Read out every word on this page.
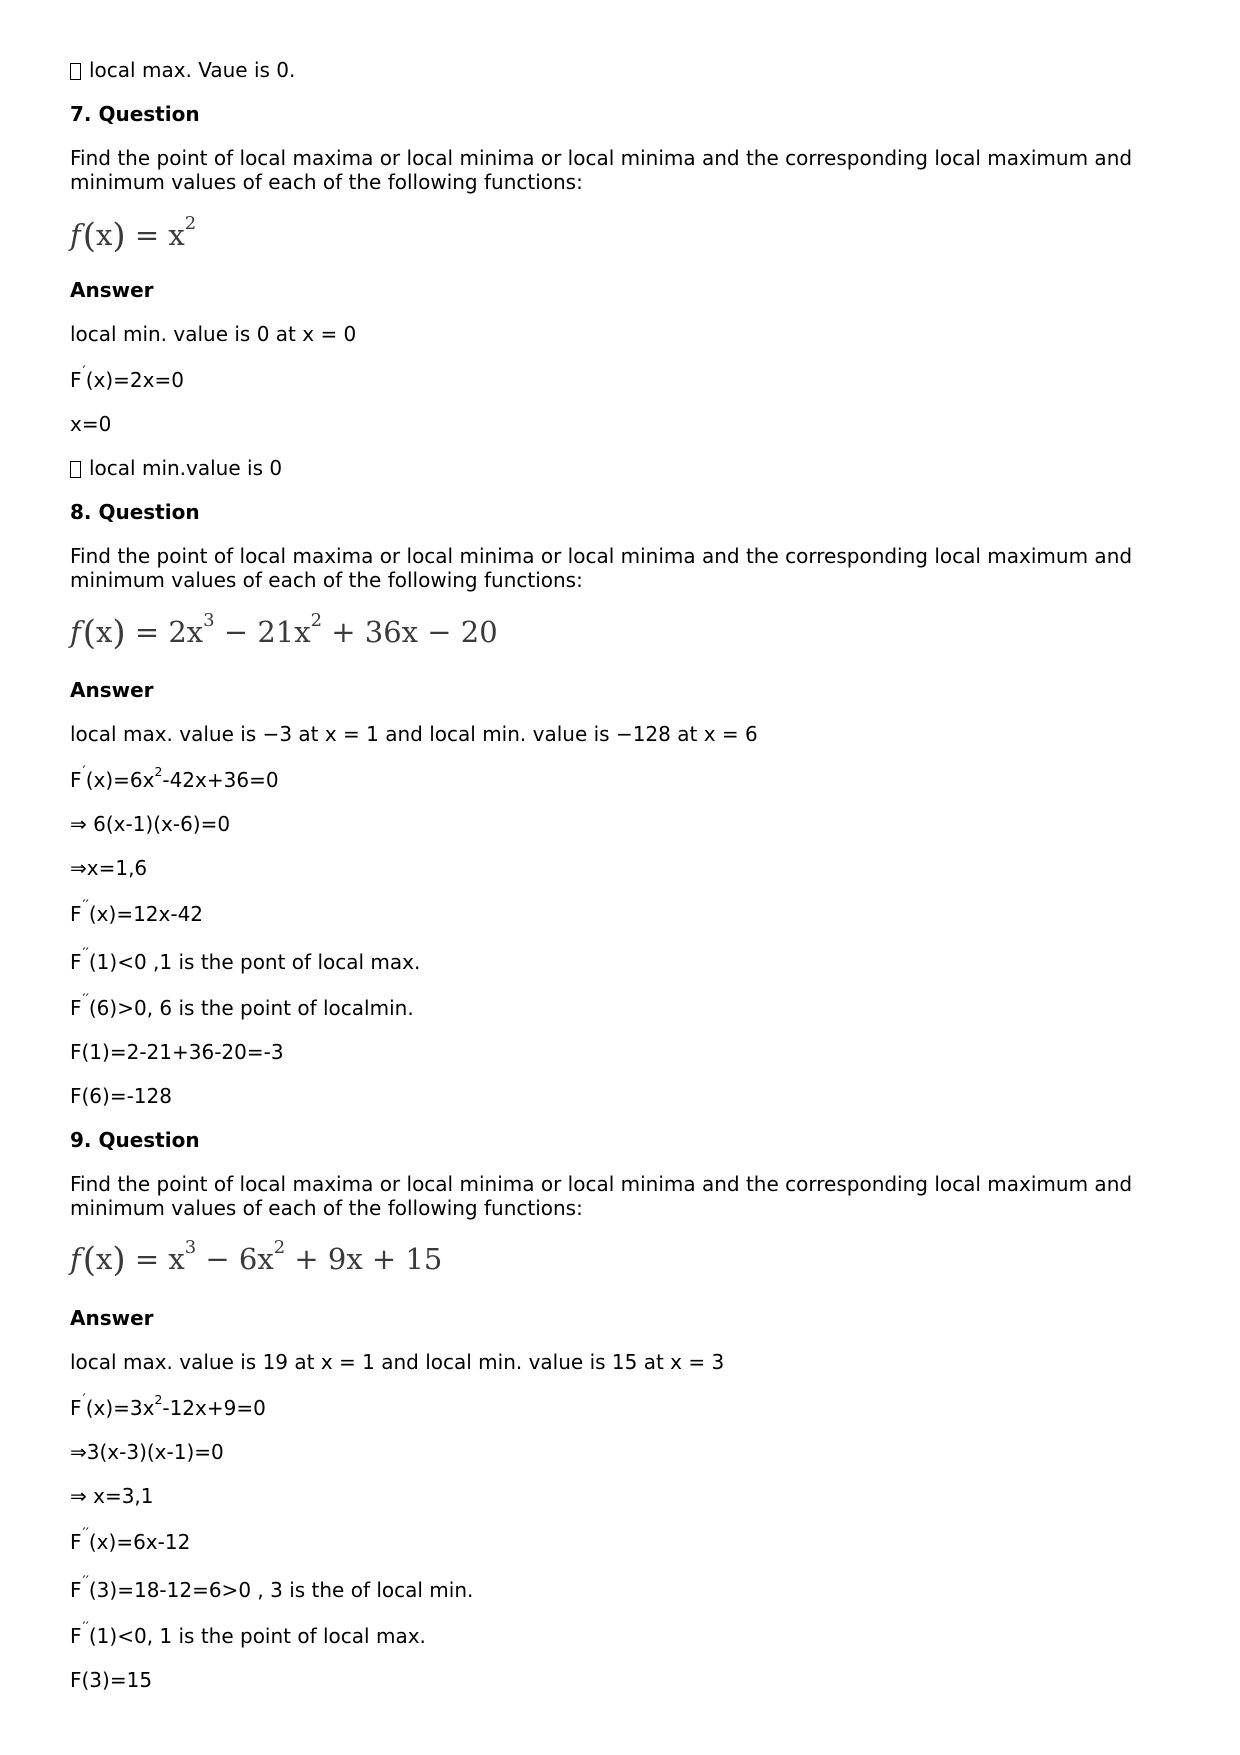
local max. Vaue is 0.

7. Question

Find the point of local maxima or local minima or local minima and the corresponding local maximum and minimum values of each of the following functions:

$f(x) = x^2$

Answer

local min. value is 0 at x = 0

F′(x)=2x=0

x=0

local min.value is 0

8. Question

Find the point of local maxima or local minima or local minima and the corresponding local maximum and minimum values of each of the following functions:

$f(x) = 2x^3 - 21x^2 + 36x - 20$

Answer

local max. value is −3 at x = 1 and local min. value is −128 at x = 6

$F'(x)=6x^2-42x+36=0$

⇒ 6(x-1)(x-6)=0

⇒x=1,6

F′′(x)=12x-42

F′′(1)<0 ,1 is the pont of local max.

F′′(6)>0, 6 is the point of localmin.

F(1)=2-21+36-20=-3

F(6)=-128

9. Question

Find the point of local maxima or local minima or local minima and the corresponding local maximum and minimum values of each of the following functions:

$f(x) = x^3 - 6x^2 + 9x + 15$

Answer

local max. value is 19 at x = 1 and local min. value is 15 at x = 3

$F'(x)=3x^2-12x+9=0$

⇒3(x-3)(x-1)=0

⇒ x=3,1

F′′(x)=6x-12

F′′(3)=18-12=6>0 , 3 is the of local min.

F′′(1)<0, 1 is the point of local max.

F(3)=15
